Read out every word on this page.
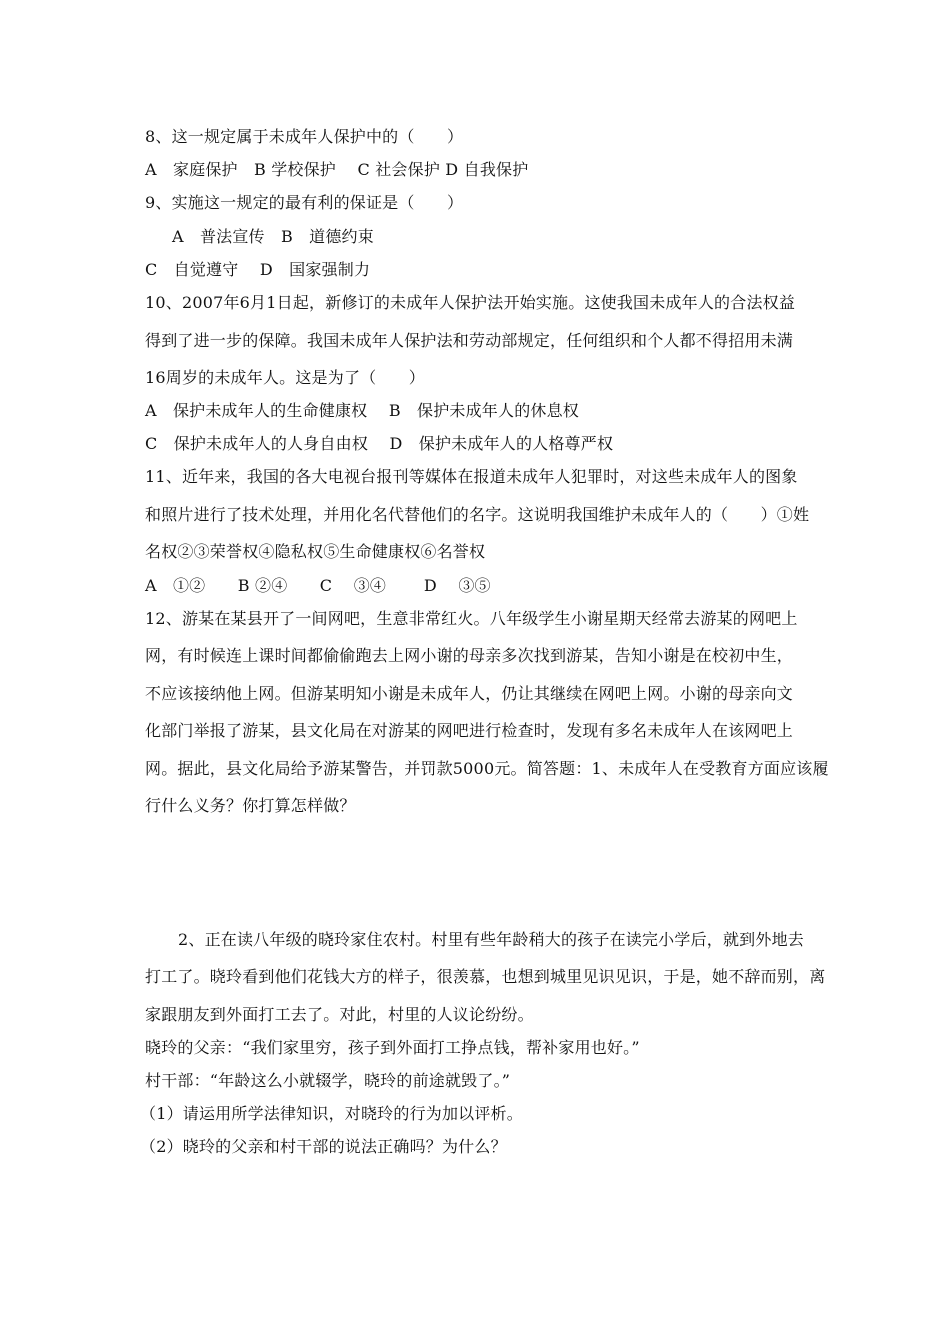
8、这一规定属于未成年人保护中的（　　）
A　家庭保护　B 学校保护　 C 社会保护 D 自我保护
9、实施这一规定的最有利的保证是（　　）
A　普法宣传　B　道德约束
C　自觉遵守　 D　国家强制力
10、2007年6月1日起，新修订的未成年人保护法开始实施。这使我国未成年人的合法权益
得到了进一步的保障。我国未成年人保护法和劳动部规定，任何组织和个人都不得招用未满
16周岁的未成年人。这是为了（　　）
A　保护未成年人的生命健康权　 B　保护未成年人的休息权
C　保护未成年人的人身自由权　 D　保护未成年人的人格尊严权
11、近年来，我国的各大电视台报刊等媒体在报道未成年人犯罪时，对这些未成年人的图象
和照片进行了技术处理，并用化名代替他们的名字。这说明我国维护未成年人的（　　）①姓
名权②③荣誉权④隐私权⑤生命健康权⑥名誉权
A　①②　　B ②④　　C　 ③④　　 D　 ③⑤
12、游某在某县开了一间网吧，生意非常红火。八年级学生小谢星期天经常去游某的网吧上
网，有时候连上课时间都偷偷跑去上网小谢的母亲多次找到游某，告知小谢是在校初中生，
不应该接纳他上网。但游某明知小谢是未成年人，仍让其继续在网吧上网。小谢的母亲向文
化部门举报了游某，县文化局在对游某的网吧进行检查时，发现有多名未成年人在该网吧上
网。据此，县文化局给予游某警告，并罚款5000元。简答题：1、未成年人在受教育方面应该履
行什么义务？你打算怎样做？
2、正在读八年级的晓玲家住农村。村里有些年龄稍大的孩子在读完小学后，就到外地去
打工了。晓玲看到他们花钱大方的样子，很羡慕，也想到城里见识见识，于是，她不辞而别，离
家跟朋友到外面打工去了。对此，村里的人议论纷纷。
晓玲的父亲：“我们家里穷，孩子到外面打工挣点钱，帮补家用也好。”
村干部：“年龄这么小就辍学，晓玲的前途就毁了。”
（1）请运用所学法律知识，对晓玲的行为加以评析。
（2）晓玲的父亲和村干部的说法正确吗？为什么？
